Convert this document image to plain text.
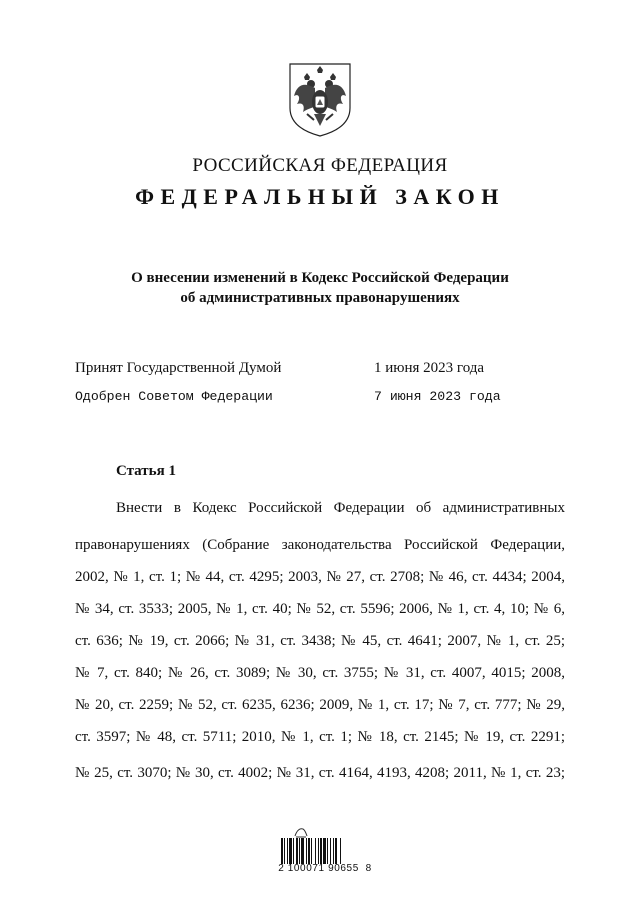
РОССИЙСКАЯ ФЕДЕРАЦИЯ
ФЕДЕРАЛЬНЫЙ ЗАКОН
О внесении изменений в Кодекс Российской Федерации
об административных правонарушениях
Принят Государственной Думой	1 июня 2023 года
Одобрен Советом Федерации	7 июня 2023 года
Статья 1
Внести в Кодекс Российской Федерации об административных
правонарушениях (Собрание законодательства Российской Федерации,
2002, № 1, ст. 1; № 44, ст. 4295; 2003, № 27, ст. 2708; № 46, ст. 4434; 2004,
№ 34, ст. 3533; 2005, № 1, ст. 40; № 52, ст. 5596; 2006, № 1, ст. 4, 10; № 6,
ст. 636; № 19, ст. 2066; № 31, ст. 3438; № 45, ст. 4641; 2007, № 1, ст. 25;
№ 7, ст. 840; № 26, ст. 3089; № 30, ст. 3755; № 31, ст. 4007, 4015; 2008,
№ 20, ст. 2259; № 52, ст. 6235, 6236; 2009, № 1, ст. 17; № 7, ст. 777; № 29,
ст. 3597; № 48, ст. 5711; 2010, № 1, ст. 1; № 18, ст. 2145; № 19, ст. 2291;
№ 25, ст. 3070; № 30, ст. 4002; № 31, ст. 4164, 4193, 4208; 2011, № 1, ст. 23;
2 100071 90655  8
